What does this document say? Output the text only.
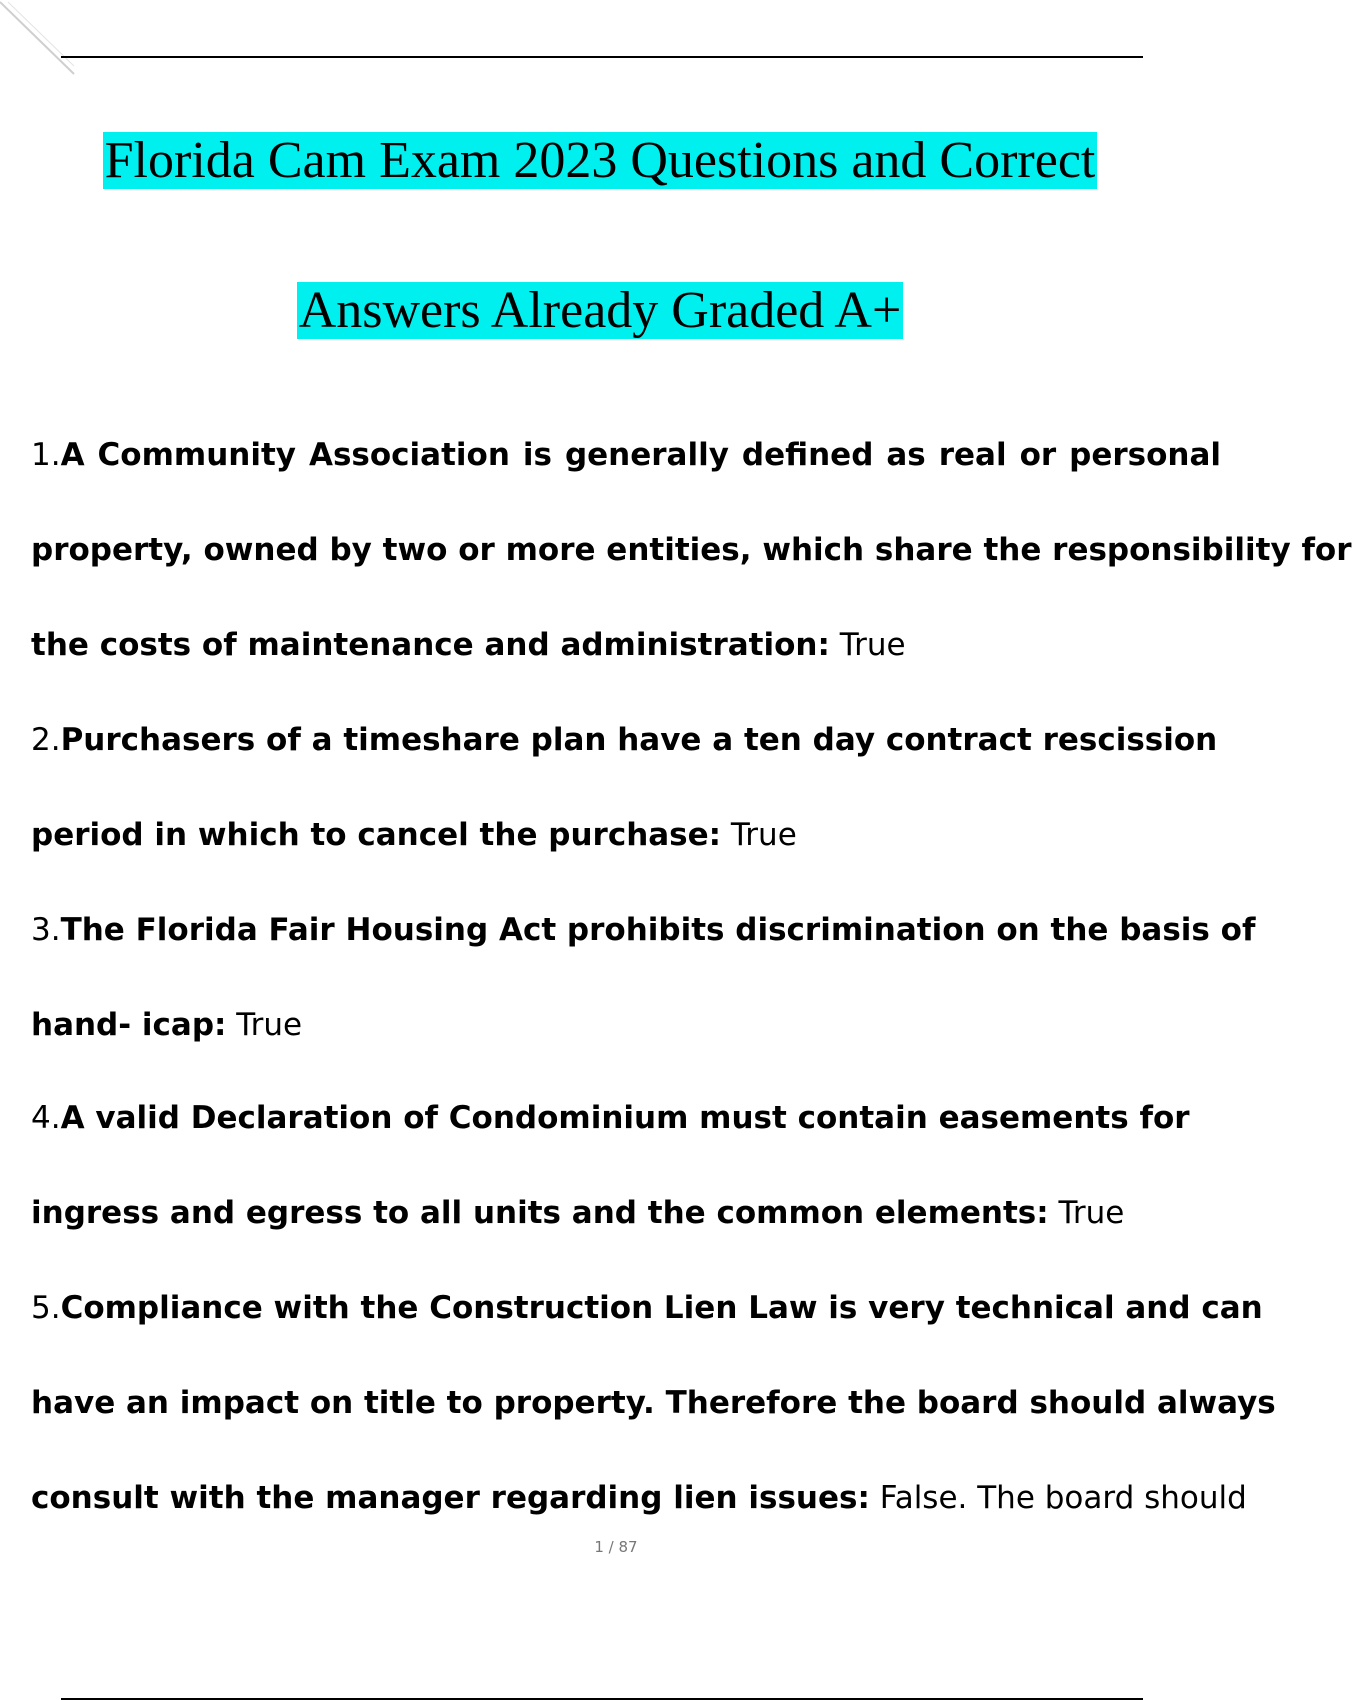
Florida Cam Exam 2023 Questions and Correct
Answers Already Graded A+
1.A Community Association is generally defined as real or personal
property, owned by two or more entities, which share the responsibility for
the costs of maintenance and administration: True
2.Purchasers of a timeshare plan have a ten day contract rescission
period in which to cancel the purchase: True
3.The Florida Fair Housing Act prohibits discrimination on the basis of
hand- icap: True
4.A valid Declaration of Condominium must contain easements for
ingress and egress to all units and the common elements: True
5.Compliance with the Construction Lien Law is very technical and can
have an impact on title to property. Therefore the board should always
consult with the manager regarding lien issues: False. The board should
1 / 87
